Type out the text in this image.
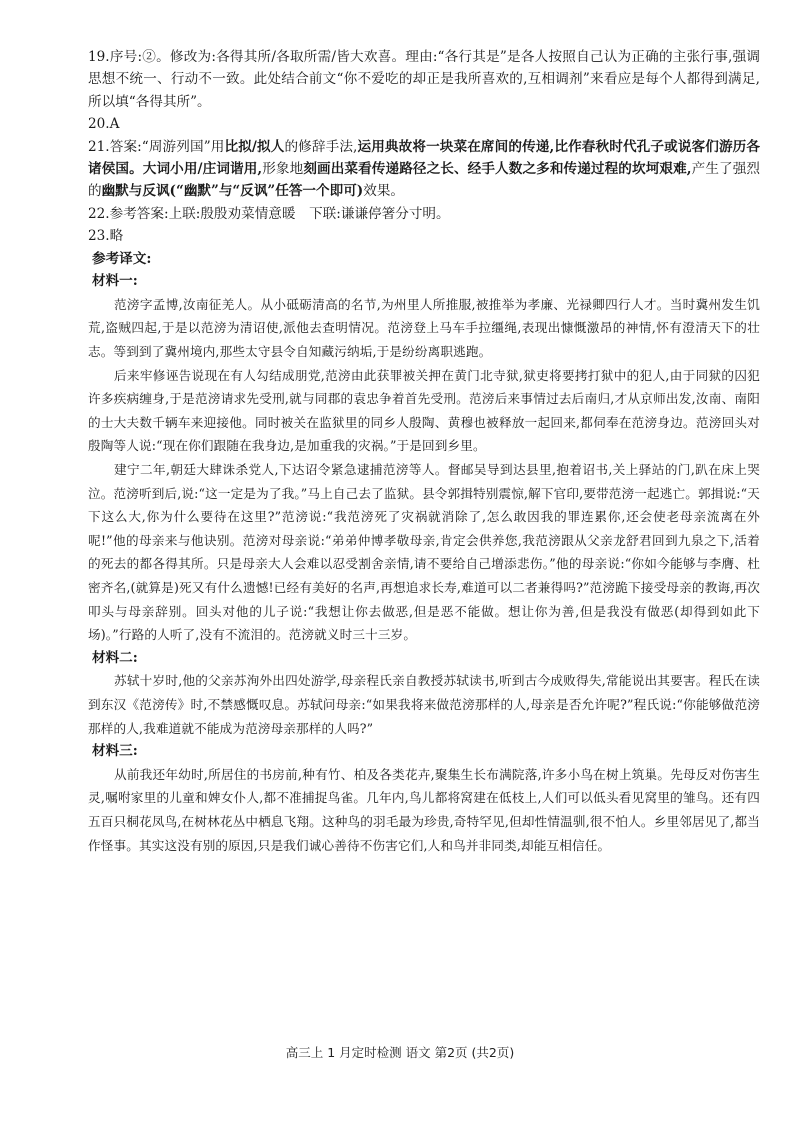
19.序号:②。修改为:各得其所/各取所需/皆大欢喜。理由:“各行其是”是各人按照自己认为正确的主张行事,强调思想不统一、行动不一致。此处结合前文“你不爱吃的却正是我所喜欢的,互相调剂”来看应是每个人都得到满足,所以填“各得其所”。

20.A

21.答案:“周游列国”用比拟/拟人的修辞手法,运用典故将一块菜在席间的传递,比作春秋时代孔子或说客们游历各诸侯国。大词小用/庄词谐用,形象地刻画出菜看传递路径之长、经手人数之多和传递过程的坎坷艰难,产生了强烈的幽默与反讽(“幽默”与“反讽”任答一个即可)效果。

22.参考答案:上联:殷殷劝菜情意暖　下联:谦谦停箸分寸明。

23.略

参考译文:

材料一:

范滂字孟博,汝南征羌人。从小砥砺清高的名节,为州里人所推服,被推举为孝廉、光禄卿四行人才。当时冀州发生饥荒,盗贼四起,于是以范滂为清诏使,派他去查明情况。范滂登上马车手拉缰绳,表现出慷慨激昂的神情,怀有澄清天下的壮志。等到到了冀州境内,那些太守县令自知藏污纳垢,于是纷纷离职逃跑。

后来牢修诬告说现在有人勾结成朋党,范滂由此获罪被关押在黄门北寺狱,狱吏将要拷打狱中的犯人,由于同狱的囚犯许多疾病缠身,于是范滂请求先受刑,就与同郡的袁忠争着首先受刑。范滂后来事情过去后南归,才从京师出发,汝南、南阳的士大夫数千辆车来迎接他。同时被关在监狱里的同乡人殷陶、黄穆也被释放一起回来,都伺奉在范滂身边。范滂回头对殷陶等人说:“现在你们跟随在我身边,是加重我的灾祸。”于是回到乡里。

建宁二年,朝廷大肆诛杀党人,下达诏令紧急逮捕范滂等人。督邮吴导到达县里,抱着诏书,关上驿站的门,趴在床上哭泣。范滂听到后,说:“这一定是为了我。”马上自己去了监狱。县令郭揖特别震惊,解下官印,要带范滂一起逃亡。郭揖说:“天下这么大,你为什么要待在这里?”范滂说:“我范滂死了灾祸就消除了,怎么敢因我的罪连累你,还会使老母亲流离在外呢!”他的母亲来与他诀别。范滂对母亲说:“弟弟仲博孝敬母亲,肯定会供养您,我范滂跟从父亲龙舒君回到九泉之下,活着的死去的都各得其所。只是母亲大人会难以忍受割舍亲情,请不要给自己增添悲伤。”他的母亲说:“你如今能够与李膺、杜密齐名,(就算是)死又有什么遗憾!已经有美好的名声,再想追求长寿,难道可以二者兼得吗?”范滂跪下接受母亲的教诲,再次叩头与母亲辞别。回头对他的儿子说:“我想让你去做恶,但是恶不能做。想让你为善,但是我没有做恶(却得到如此下场)。”行路的人听了,没有不流泪的。范滂就义时三十三岁。

材料二:

苏轼十岁时,他的父亲苏洵外出四处游学,母亲程氏亲自教授苏轼读书,听到古今成败得失,常能说出其要害。程氏在读到东汉《范滂传》时,不禁感慨叹息。苏轼问母亲:“如果我将来做范滂那样的人,母亲是否允许呢?”程氏说:“你能够做范滂那样的人,我难道就不能成为范滂母亲那样的人吗?”

材料三:

从前我还年幼时,所居住的书房前,种有竹、柏及各类花卉,聚集生长布满院落,许多小鸟在树上筑巢。先母反对伤害生灵,嘱咐家里的儿童和婢女仆人,都不准捕捉鸟雀。几年内,鸟儿都将窝建在低枝上,人们可以低头看见窝里的雏鸟。还有四五百只桐花凤鸟,在树林花丛中栖息飞翔。这种鸟的羽毛最为珍贵,奇特罕见,但却性情温驯,很不怕人。乡里邻居见了,都当作怪事。其实这没有别的原因,只是我们诚心善待不伤害它们,人和鸟并非同类,却能互相信任。

高三上 1 月定时检测 语文 第2页 (共2页)
